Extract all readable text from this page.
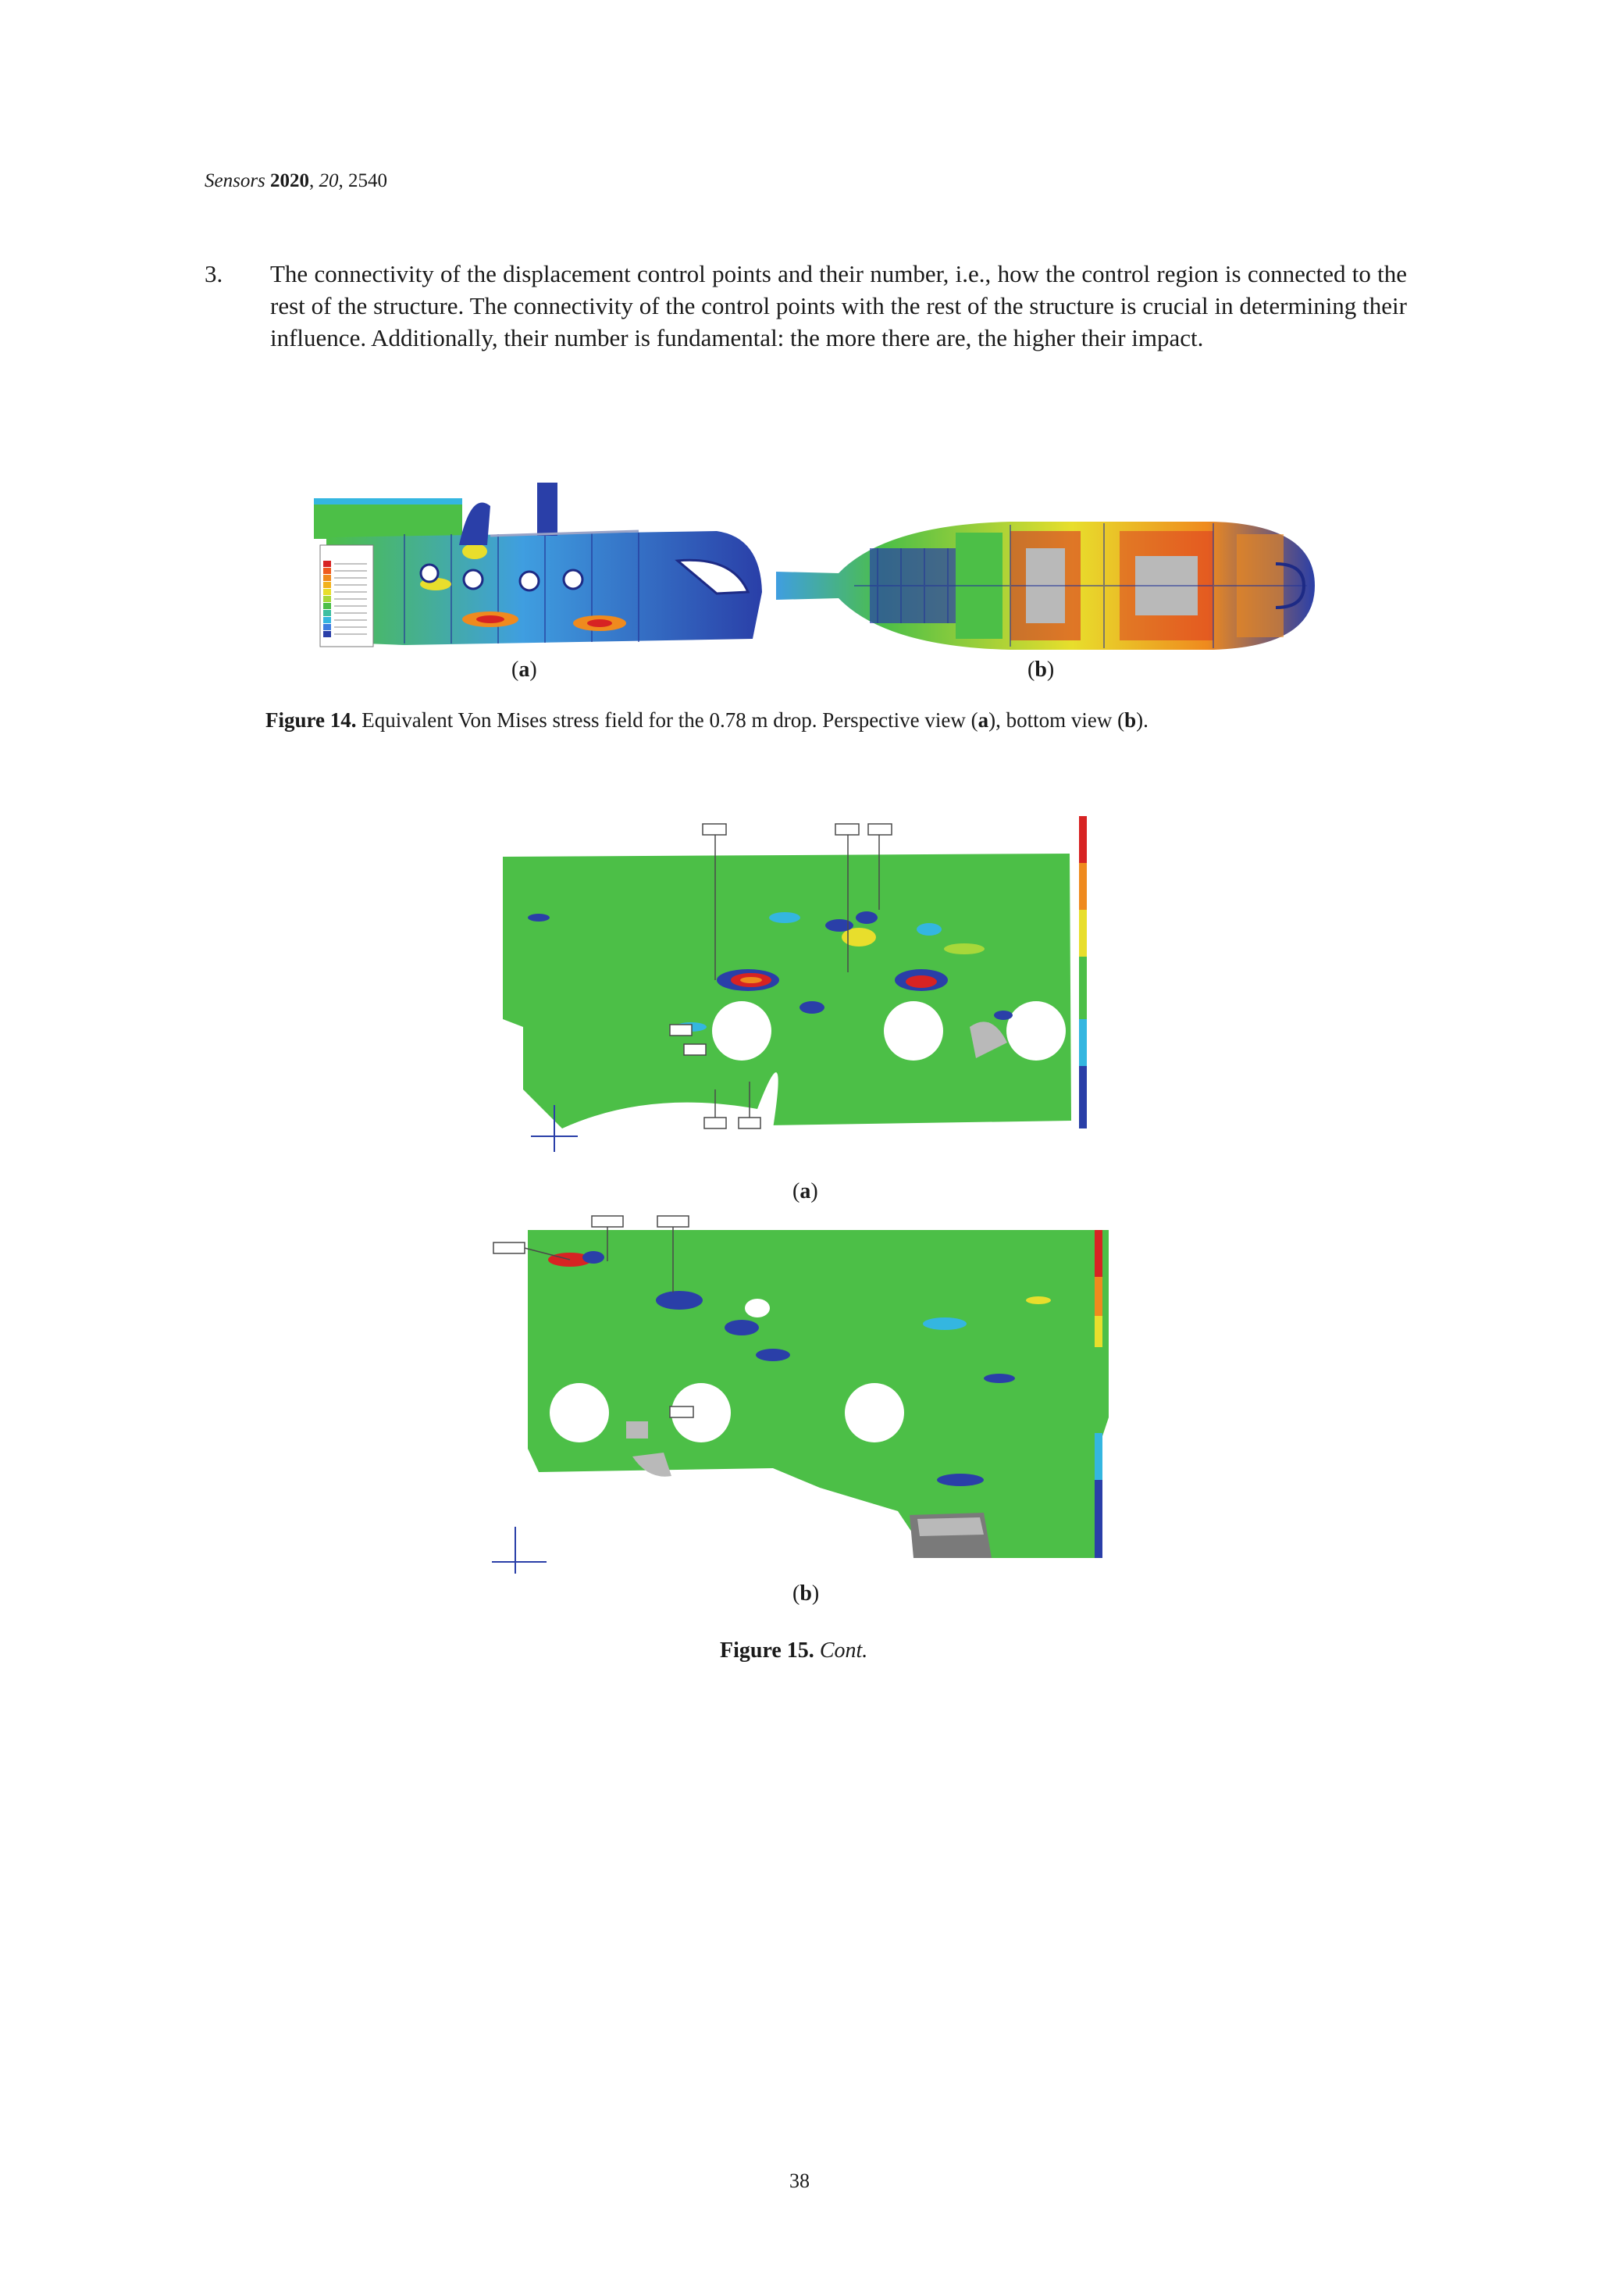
Sensors 2020, 20, 2540
3. The connectivity of the displacement control points and their number, i.e., how the control region is connected to the rest of the structure. The connectivity of the control points with the rest of the structure is crucial in determining their influence. Additionally, their number is fundamental: the more there are, the higher their impact.
(a)	(b)
Figure 14. Equivalent Von Mises stress field for the 0.78 m drop. Perspective view (a), bottom view (b).
(a)
(b)
Figure 15. Cont.
38
